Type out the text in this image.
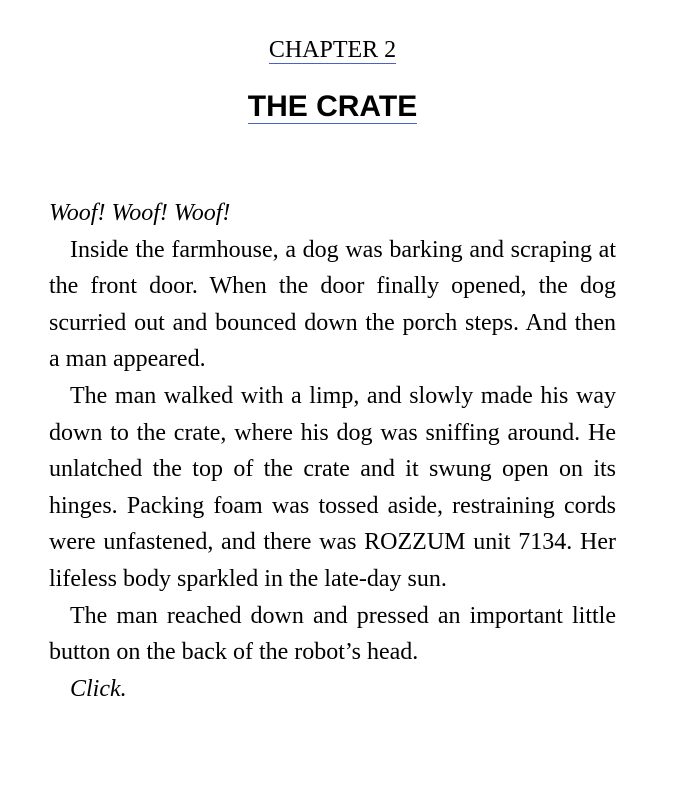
CHAPTER 2
THE CRATE

Woof! Woof! Woof!

Inside the farmhouse, a dog was barking and scraping at the front door. When the door finally opened, the dog scurried out and bounced down the porch steps. And then a man appeared.

The man walked with a limp, and slowly made his way down to the crate, where his dog was sniffing around. He unlatched the top of the crate and it swung open on its hinges. Packing foam was tossed aside, restraining cords were unfastened, and there was ROZZUM unit 7134. Her lifeless body sparkled in the late-day sun.

The man reached down and pressed an important little button on the back of the robot’s head.

Click.
